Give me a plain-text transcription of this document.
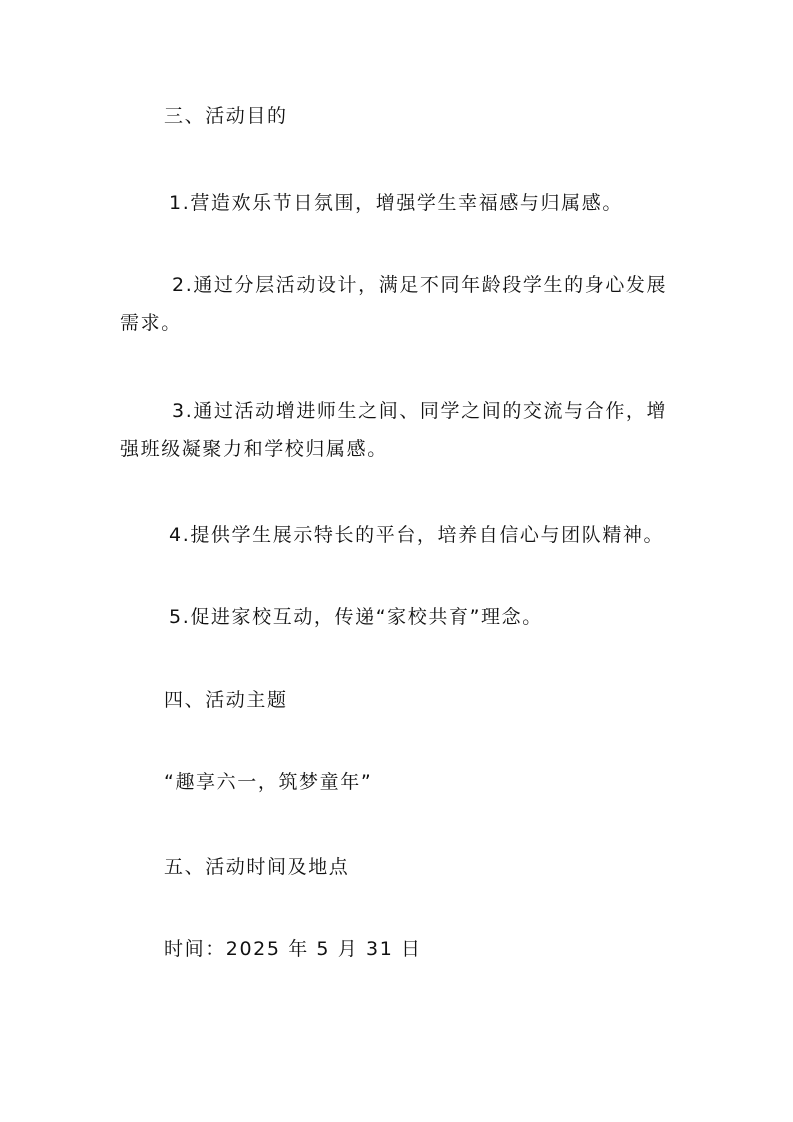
三、活动目的

1.营造欢乐节日氛围，增强学生幸福感与归属感。

2.通过分层活动设计，满足不同年龄段学生的身心发展需求。

3.通过活动增进师生之间、同学之间的交流与合作，增强班级凝聚力和学校归属感。

4.提供学生展示特长的平台，培养自信心与团队精神。

5.促进家校互动，传递“家校共育”理念。

四、活动主题

“趣享六一，筑梦童年”

五、活动时间及地点

时间：2025 年 5 月 31 日
